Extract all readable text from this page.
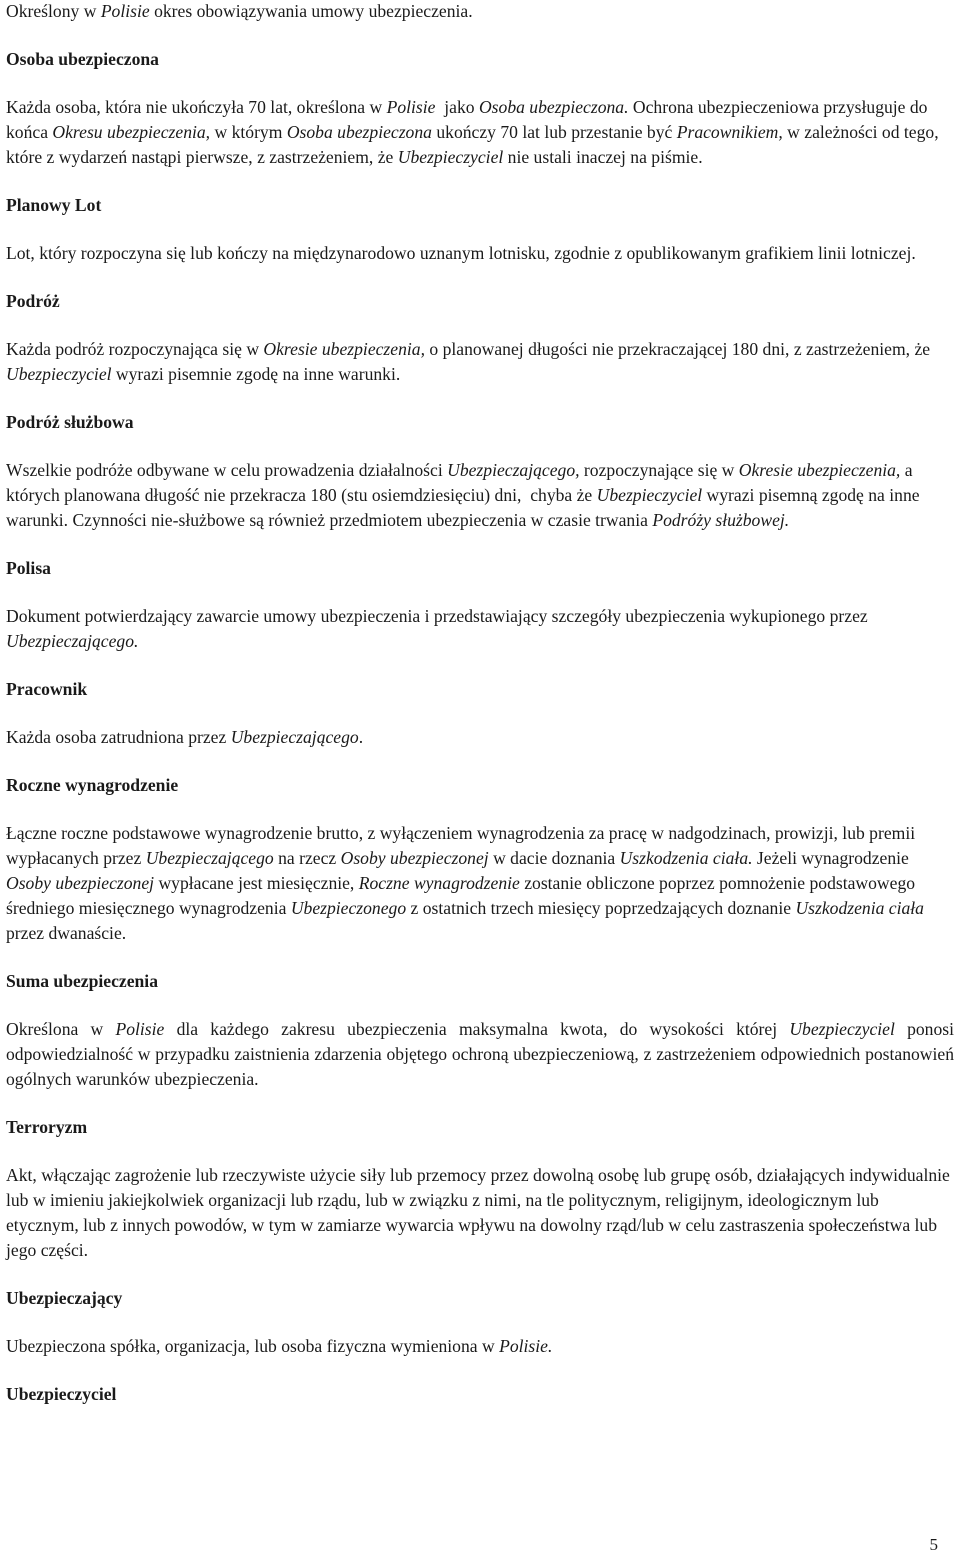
Określony w Polisie okres obowiązywania umowy ubezpieczenia.

Osoba ubezpieczona

Każda osoba, która nie ukończyła 70 lat, określona w Polisie  jako Osoba ubezpieczona. Ochrona ubezpieczeniowa przysługuje do końca Okresu ubezpieczenia, w którym Osoba ubezpieczona ukończy 70 lat lub przestanie być Pracownikiem, w zależności od tego, które z wydarzeń nastąpi pierwsze, z zastrzeżeniem, że Ubezpieczyciel nie ustali inaczej na piśmie.

Planowy Lot

Lot, który rozpoczyna się lub kończy na międzynarodowo uznanym lotnisku, zgodnie z opublikowanym grafikiem linii lotniczej.

Podróż

Każda podróż rozpoczynająca się w Okresie ubezpieczenia, o planowanej długości nie przekraczającej 180 dni, z zastrzeżeniem, że Ubezpieczyciel wyrazi pisemnie zgodę na inne warunki.

Podróż służbowa

Wszelkie podróże odbywane w celu prowadzenia działalności Ubezpieczającego, rozpoczynające się w Okresie ubezpieczenia, a których planowana długość nie przekracza 180 (stu osiemdziesięciu) dni,  chyba że Ubezpieczyciel wyrazi pisemną zgodę na inne warunki. Czynności nie-służbowe są również przedmiotem ubezpieczenia w czasie trwania Podróży służbowej.

Polisa

Dokument potwierdzający zawarcie umowy ubezpieczenia i przedstawiający szczegóły ubezpieczenia wykupionego przez Ubezpieczającego.

Pracownik

Każda osoba zatrudniona przez Ubezpieczającego.

Roczne wynagrodzenie

Łączne roczne podstawowe wynagrodzenie brutto, z wyłączeniem wynagrodzenia za pracę w nadgodzinach, prowizji, lub premii wypłacanych przez Ubezpieczającego na rzecz Osoby ubezpieczonej w dacie doznania Uszkodzenia ciała. Jeżeli wynagrodzenie Osoby ubezpieczonej wypłacane jest miesięcznie, Roczne wynagrodzenie zostanie obliczone poprzez pomnożenie podstawowego średniego miesięcznego wynagrodzenia Ubezpieczonego z ostatnich trzech miesięcy poprzedzających doznanie Uszkodzenia ciała przez dwanaście.

Suma ubezpieczenia

Określona w Polisie dla każdego zakresu ubezpieczenia maksymalna kwota, do wysokości której Ubezpieczyciel ponosi odpowiedzialność w przypadku zaistnienia zdarzenia objętego ochroną ubezpieczeniową, z zastrzeżeniem odpowiednich postanowień ogólnych warunków ubezpieczenia.

Terroryzm

Akt, włączając zagrożenie lub rzeczywiste użycie siły lub przemocy przez dowolną osobę lub grupę osób, działających indywidualnie lub w imieniu jakiejkolwiek organizacji lub rządu, lub w związku z nimi, na tle politycznym, religijnym, ideologicznym lub etycznym, lub z innych powodów, w tym w zamiarze wywarcia wpływu na dowolny rząd/lub w celu zastraszenia społeczeństwa lub jego części.

Ubezpieczający

Ubezpieczona spółka, organizacja, lub osoba fizyczna wymieniona w Polisie.

Ubezpieczyciel

5
